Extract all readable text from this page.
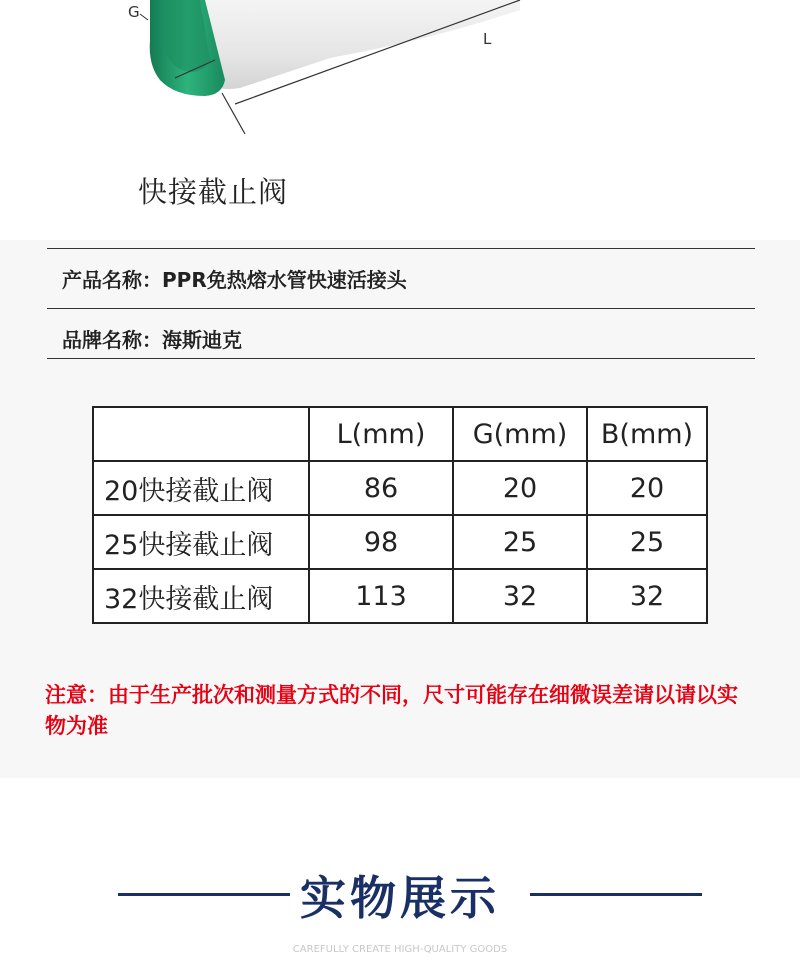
G
L
快接截止阀
产品名称：PPR免热熔水管快速活接头
品牌名称：海斯迪克
	L(mm)	G(mm)	B(mm)
20快接截止阀	86	20	20
25快接截止阀	98	25	25
32快接截止阀	113	32	32
注意：由于生产批次和测量方式的不同，尺寸可能存在细微误差请以请以实物为准
实物展示
CAREFULLY CREATE HIGH-QUALITY GOODS
